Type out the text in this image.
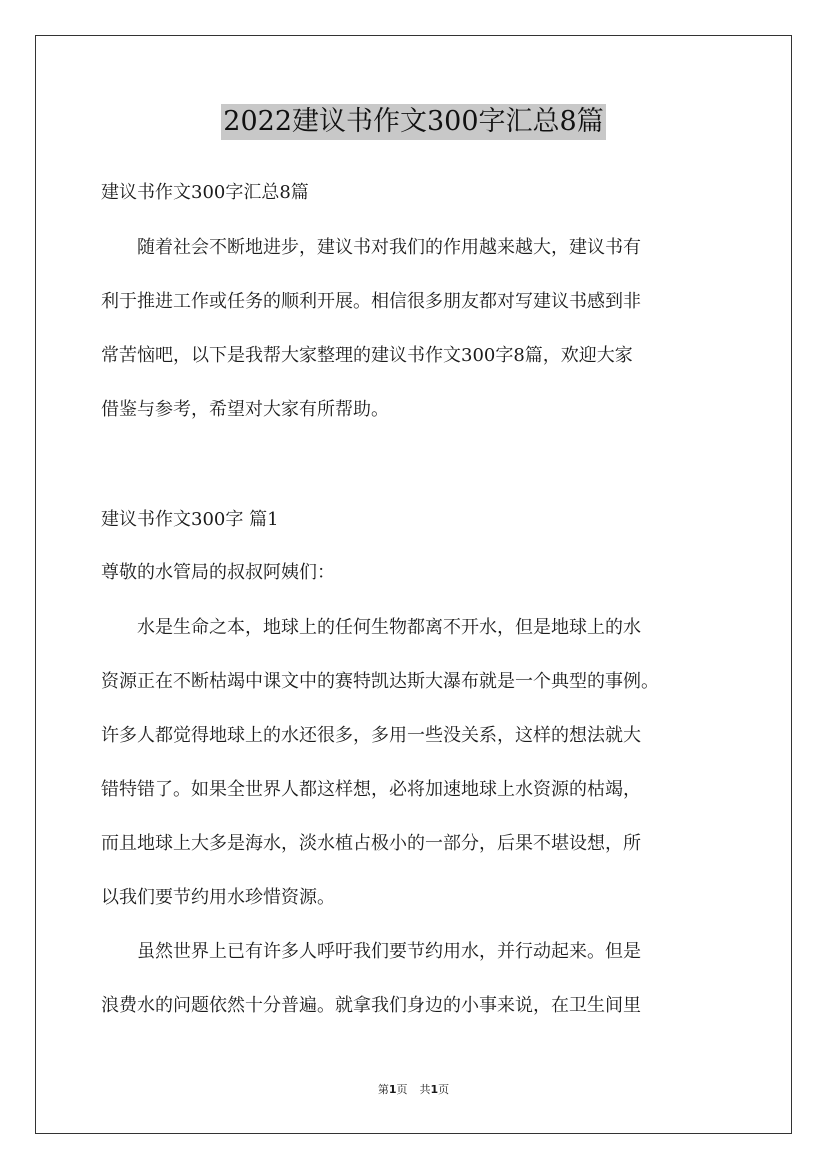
2022建议书作文300字汇总8篇
建议书作文300字汇总8篇
随着社会不断地进步，建议书对我们的作用越来越大，建议书有
利于推进工作或任务的顺利开展。相信很多朋友都对写建议书感到非
常苦恼吧，以下是我帮大家整理的建议书作文300字8篇，欢迎大家
借鉴与参考，希望对大家有所帮助。
建议书作文300字 篇1
尊敬的水管局的叔叔阿姨们：
水是生命之本，地球上的任何生物都离不开水，但是地球上的水
资源正在不断枯竭中课文中的赛特凯达斯大瀑布就是一个典型的事例。
许多人都觉得地球上的水还很多，多用一些没关系，这样的想法就大
错特错了。如果全世界人都这样想，必将加速地球上水资源的枯竭，
而且地球上大多是海水，淡水植占极小的一部分，后果不堪设想，所
以我们要节约用水珍惜资源。
虽然世界上已有许多人呼吁我们要节约用水，并行动起来。但是
浪费水的问题依然十分普遍。就拿我们身边的小事来说，在卫生间里
第1页 共1页
